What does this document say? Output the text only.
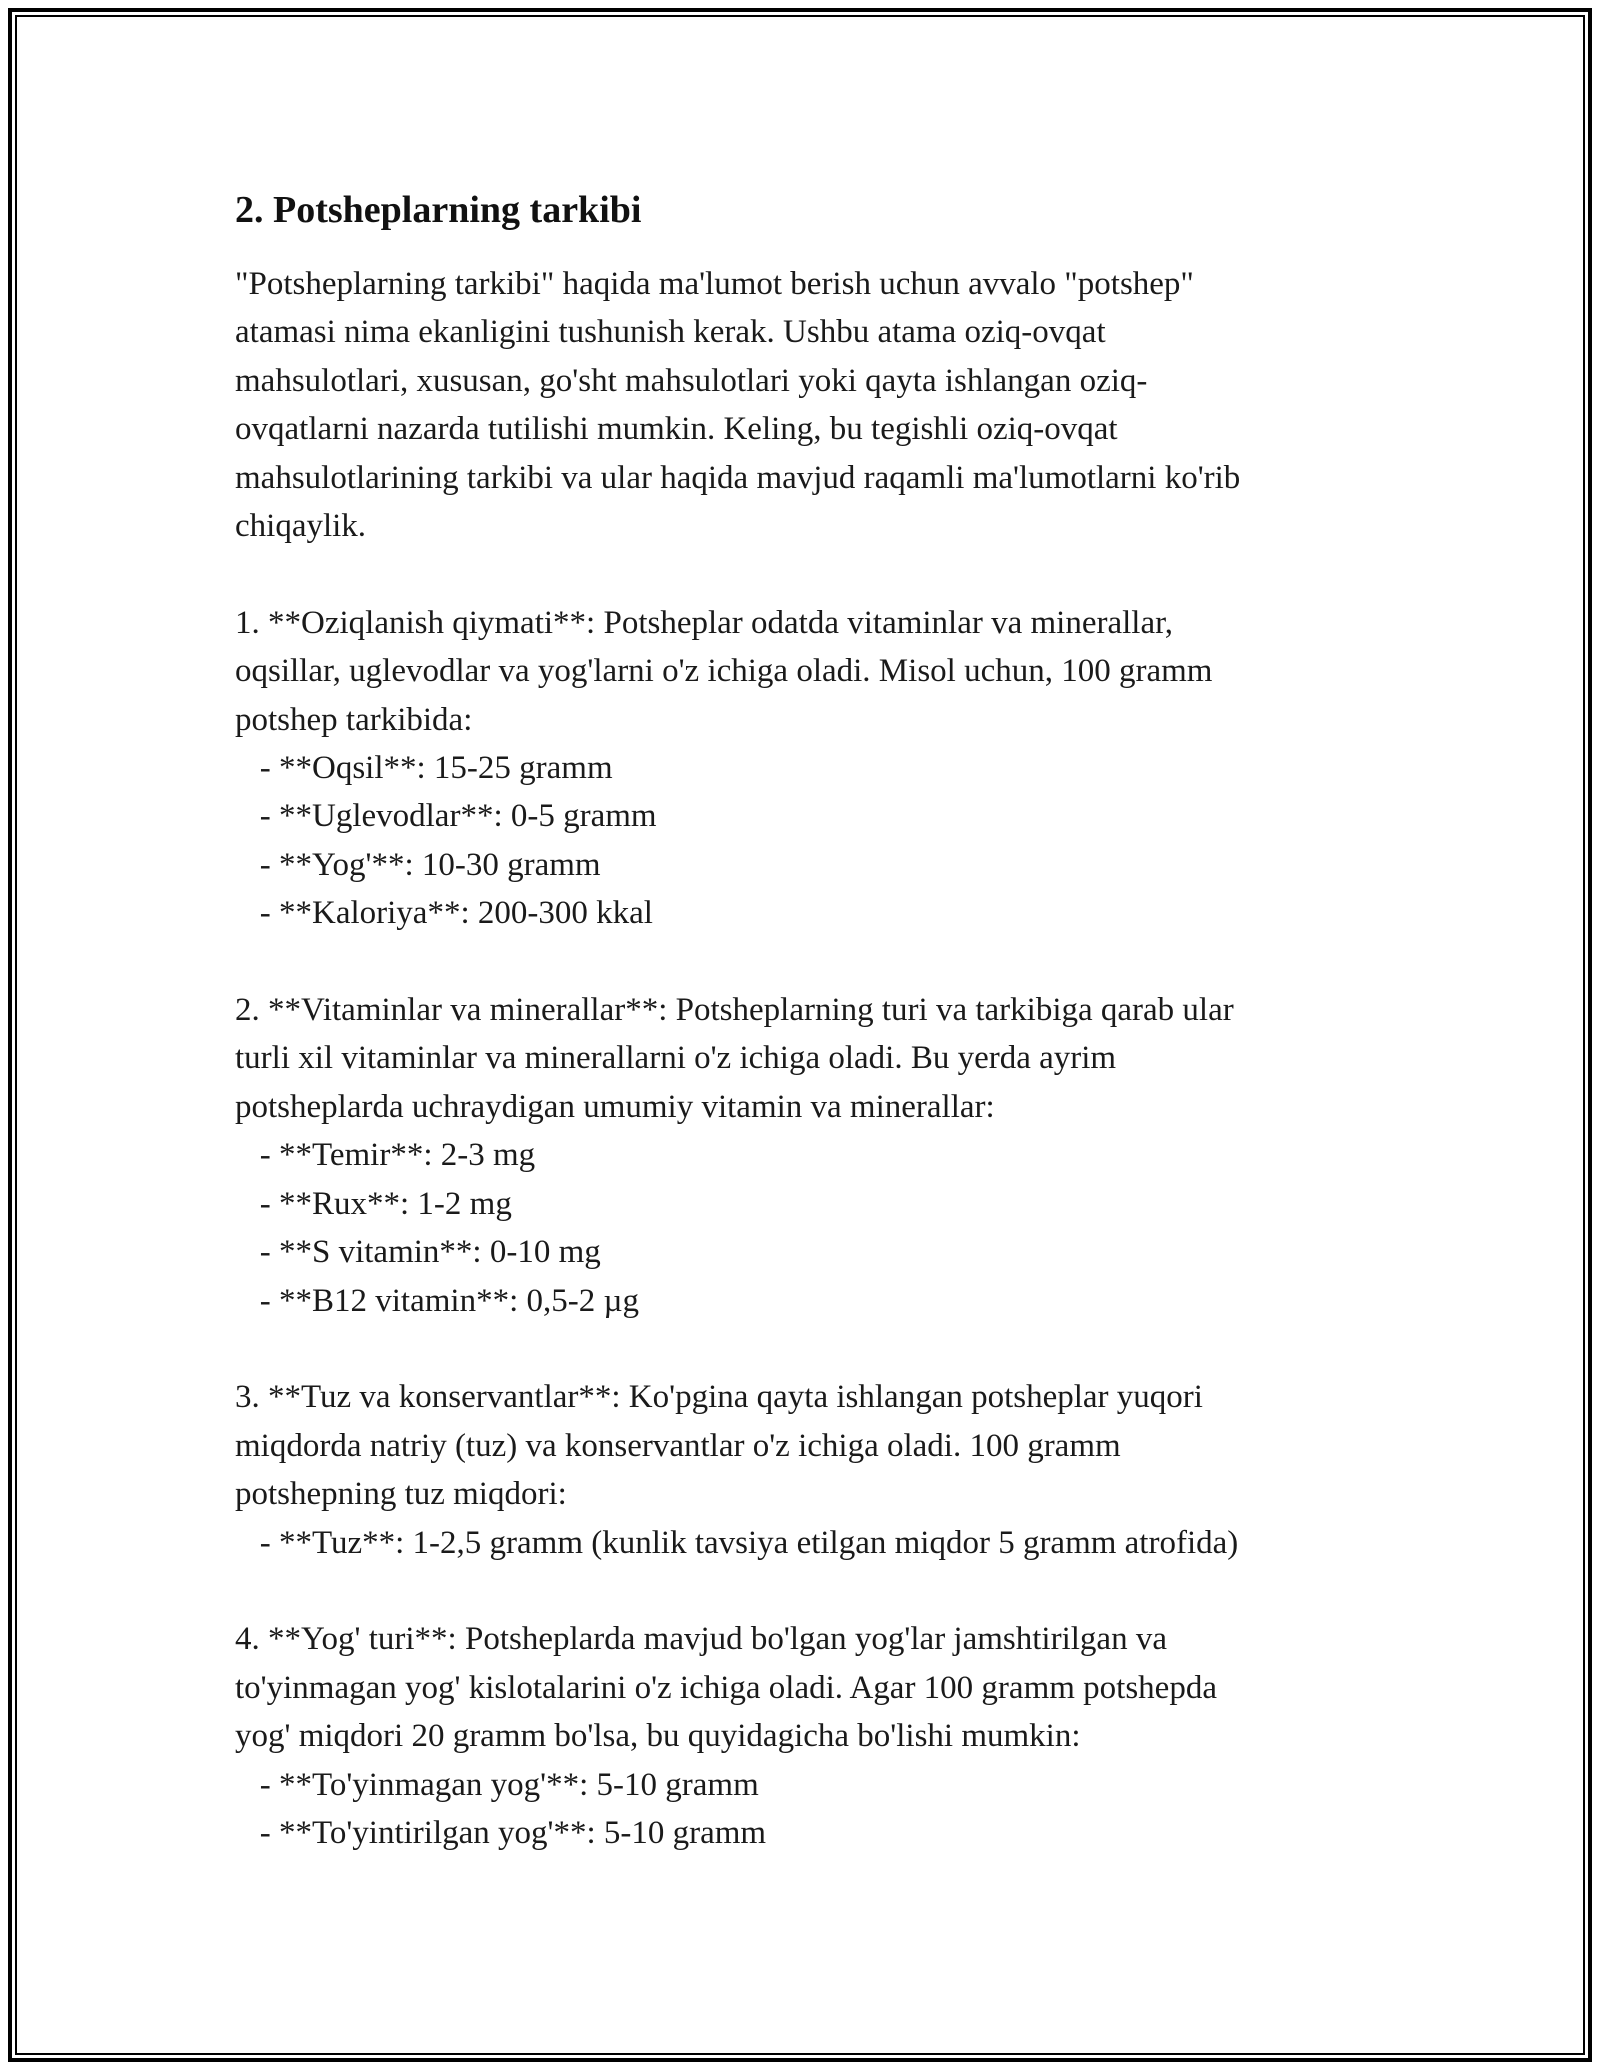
2. Potsheplarning tarkibi

"Potsheplarning tarkibi" haqida ma'lumot berish uchun avvalo "potshep"

atamasi nima ekanligini tushunish kerak. Ushbu atama oziq-ovqat

mahsulotlari, xususan, go'sht mahsulotlari yoki qayta ishlangan oziq-

ovqatlarni nazarda tutilishi mumkin. Keling, bu tegishli oziq-ovqat

mahsulotlarining tarkibi va ular haqida mavjud raqamli ma'lumotlarni ko'rib

chiqaylik.

1. **Oziqlanish qiymati**: Potsheplar odatda vitaminlar va minerallar,

oqsillar, uglevodlar va yog'larni o'z ichiga oladi. Misol uchun, 100 gramm

potshep tarkibida:

- **Oqsil**: 15-25 gramm

- **Uglevodlar**: 0-5 gramm

- **Yog'**: 10-30 gramm

- **Kaloriya**: 200-300 kkal

2. **Vitaminlar va minerallar**: Potsheplarning turi va tarkibiga qarab ular

turli xil vitaminlar va minerallarni o'z ichiga oladi. Bu yerda ayrim

potsheplarda uchraydigan umumiy vitamin va minerallar:

- **Temir**: 2-3 mg

- **Rux**: 1-2 mg

- **S vitamin**: 0-10 mg

- **B12 vitamin**: 0,5-2 µg

3. **Tuz va konservantlar**: Ko'pgina qayta ishlangan potsheplar yuqori

miqdorda natriy (tuz) va konservantlar o'z ichiga oladi. 100 gramm

potshepning tuz miqdori:

- **Tuz**: 1-2,5 gramm (kunlik tavsiya etilgan miqdor 5 gramm atrofida)

4. **Yog' turi**: Potsheplarda mavjud bo'lgan yog'lar jamshtirilgan va

to'yinmagan yog' kislotalarini o'z ichiga oladi. Agar 100 gramm potshepda

yog' miqdori 20 gramm bo'lsa, bu quyidagicha bo'lishi mumkin:

- **To'yinmagan yog'**: 5-10 gramm

- **To'yintirilgan yog'**: 5-10 gramm
